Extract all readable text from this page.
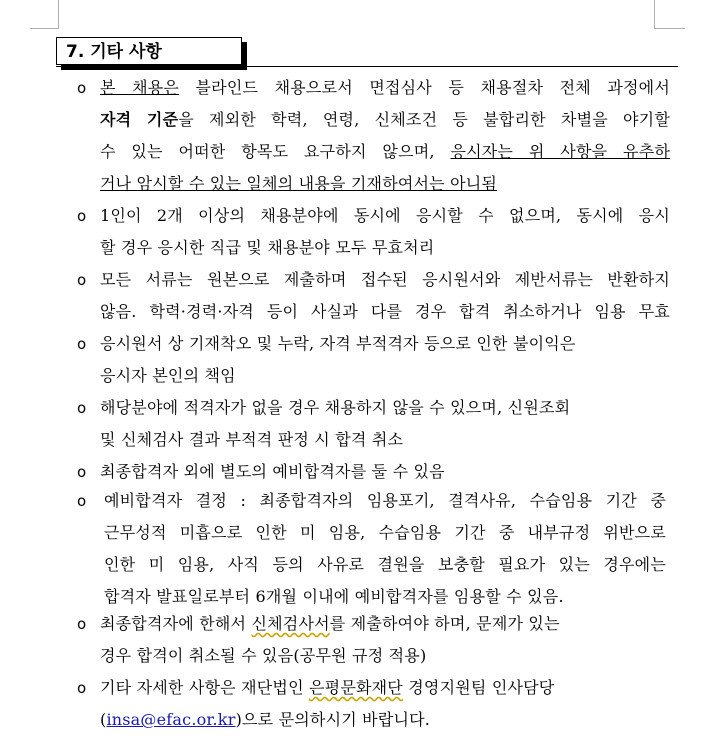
7. 기타 사항
o 본 채용은 블라인드 채용으로서 면접심사 등 채용절차 전체 과정에서
자격 기준을 제외한 학력, 연령, 신체조건 등 불합리한 차별을 야기할
수 있는 어떠한 항목도 요구하지 않으며, 응시자는 위 사항을 유추하
거나 암시할 수 있는 일체의 내용을 기재하여서는 아니됨
o 1인이 2개 이상의 채용분야에 동시에 응시할 수 없으며, 동시에 응시
할 경우 응시한 직급 및 채용분야 모두 무효처리
o 모든 서류는 원본으로 제출하며 접수된 응시원서와 제반서류는 반환하지
않음. 학력·경력·자격 등이 사실과 다를 경우 합격 취소하거나 임용 무효
o 응시원서 상 기재착오 및 누락, 자격 부적격자 등으로 인한 불이익은
응시자 본인의 책임
o 해당분야에 적격자가 없을 경우 채용하지 않을 수 있으며, 신원조회
및 신체검사 결과 부적격 판정 시 합격 취소
o 최종합격자 외에 별도의 예비합격자를 둘 수 있음
o 예비합격자 결정 : 최종합격자의 임용포기, 결격사유, 수습임용 기간 중
근무성적 미흡으로 인한 미 임용, 수습임용 기간 중 내부규정 위반으로
인한 미 임용, 사직 등의 사유로 결원을 보충할 필요가 있는 경우에는
합격자 발표일로부터 6개월 이내에 예비합격자를 임용할 수 있음.
o 최종합격자에 한해서 신체검사서를 제출하여야 하며, 문제가 있는
경우 합격이 취소될 수 있음(공무원 규정 적용)
o 기타 자세한 사항은 재단법인 은평문화재단 경영지원팀 인사담당
(insa@efac.or.kr)으로 문의하시기 바랍니다.
